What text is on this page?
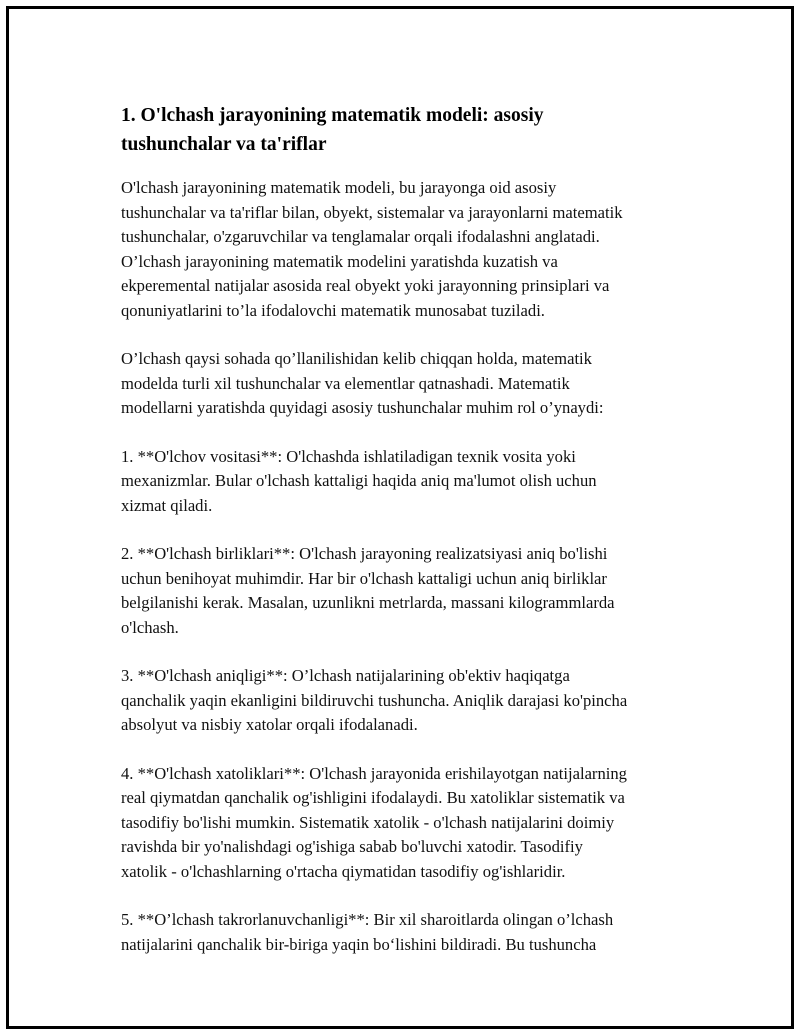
1. O'lchash jarayonining matematik modeli: asosiy
tushunchalar va ta'riflar

O'lchash jarayonining matematik modeli, bu jarayonga oid asosiy
tushunchalar va ta'riflar bilan, obyekt, sistemalar va jarayonlarni matematik
tushunchalar, o'zgaruvchilar va tenglamalar orqali ifodalashni anglatadi.
O’lchash jarayonining matematik modelini yaratishda kuzatish va
ekperemental natijalar asosida real obyekt yoki jarayonning prinsiplari va
qonuniyatlarini to’la ifodalovchi matematik munosabat tuziladi.

O’lchash qaysi sohada qo’llanilishidan kelib chiqqan holda, matematik
modelda turli xil tushunchalar va elementlar qatnashadi. Matematik
modellarni yaratishda quyidagi asosiy tushunchalar muhim rol o’ynaydi:

1. **O'lchov vositasi**: O'lchashda ishlatiladigan texnik vosita yoki
mexanizmlar. Bular o'lchash kattaligi haqida aniq ma'lumot olish uchun
xizmat qiladi.

2. **O'lchash birliklari**: O'lchash jarayoning realizatsiyasi aniq bo'lishi
uchun benihoyat muhimdir. Har bir o'lchash kattaligi uchun aniq birliklar
belgilanishi kerak. Masalan, uzunlikni metrlarda, massani kilogrammlarda
o'lchash.

3. **O'lchash aniqligi**: O’lchash natijalarining ob'ektiv haqiqatga
qanchalik yaqin ekanligini bildiruvchi tushuncha. Aniqlik darajasi ko'pincha
absolyut va nisbiy xatolar orqali ifodalanadi.

4. **O'lchash xatoliklari**: O'lchash jarayonida erishilayotgan natijalarning
real qiymatdan qanchalik og'ishligini ifodalaydi. Bu xatoliklar sistematik va
tasodifiy bo'lishi mumkin. Sistematik xatolik - o'lchash natijalarini doimiy
ravishda bir yo'nalishdagi og'ishiga sabab bo'luvchi xatodir. Tasodifiy
xatolik - o'lchashlarning o'rtacha qiymatidan tasodifiy og'ishlaridir.

5. **O’lchash takrorlanuvchanligi**: Bir xil sharoitlarda olingan o’lchash
natijalarini qanchalik bir-biriga yaqin bo‘lishini bildiradi. Bu tushuncha
